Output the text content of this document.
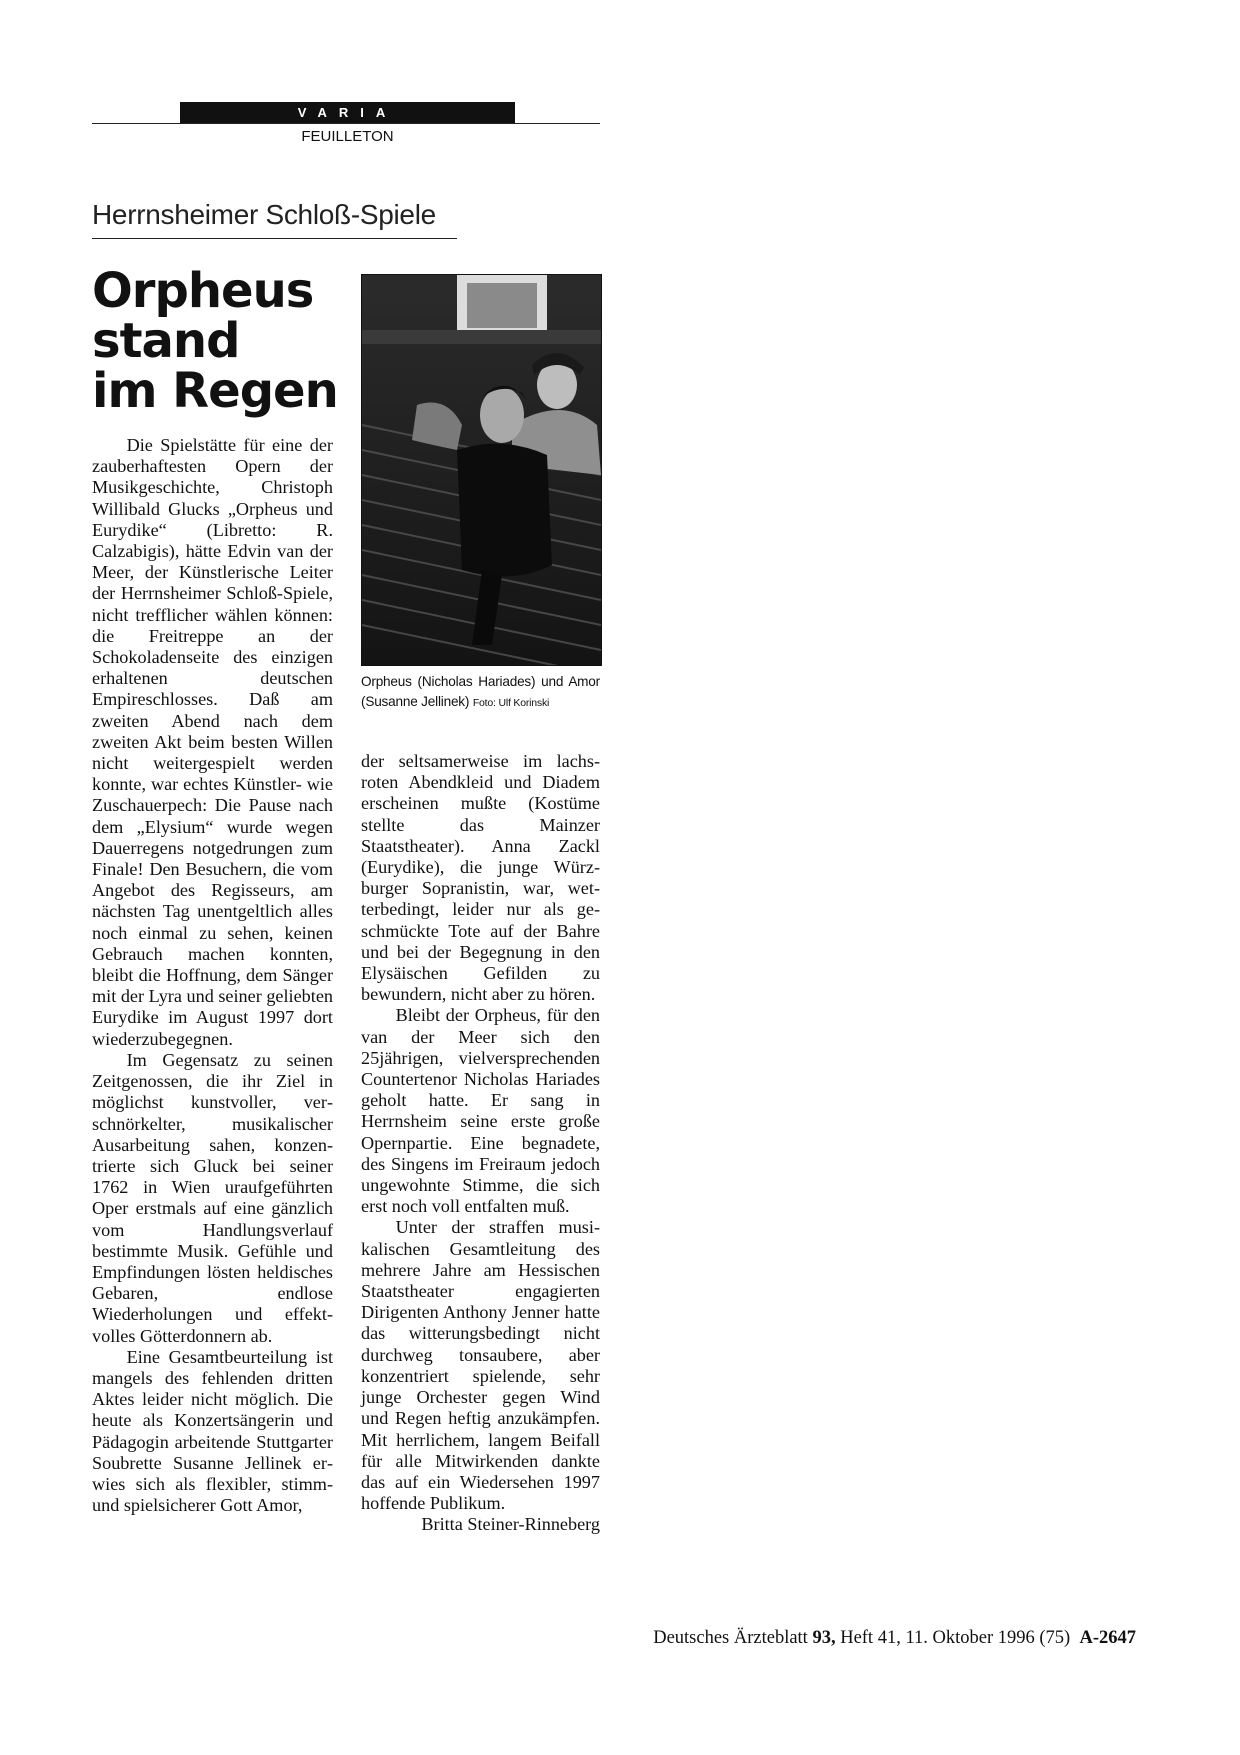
VARIA
FEUILLETON
Herrnsheimer Schloß-Spiele
Orpheus
stand
im Regen

Die Spielstätte für eine der zauberhaftesten Opern der Musikgeschichte, Christoph Willibald Glucks „Orpheus und Eurydike“ (Libretto: R. Calzabigis), hätte Edvin van der Meer, der Künstlerische Leiter der Herrnsheimer Schloß-Spiele, nicht trefflicher wählen können: die Freitreppe an der Schokoladenseite des einzigen erhaltenen deutschen Empireschlosses. Daß am zweiten Abend nach dem zweiten Akt beim besten Willen nicht weitergespielt werden konnte, war echtes Künstler- wie Zuschauerpech: Die Pause nach dem „Elysium“ wurde wegen Dauerregens notgedrungen zum Finale! Den Besuchern, die vom Angebot des Regisseurs, am nächsten Tag unentgeltlich alles noch einmal zu sehen, keinen Gebrauch machen konnten, bleibt die Hoffnung, dem Sänger mit der Lyra und seiner geliebten Eurydike im August 1997 dort wiederzubegegnen.

Im Gegensatz zu seinen Zeitgenossen, die ihr Ziel in möglichst kunstvoller, verschnörkelter, musikalischer Ausarbeitung sahen, konzentrierte sich Gluck bei seiner 1762 in Wien uraufgeführten Oper erstmals auf eine gänzlich vom Handlungsverlauf bestimmte Musik. Gefühle und Empfindungen lösten heldisches Gebaren, endlose Wiederholungen und effektvolles Götterdonnern ab.

Eine Gesamtbeurteilung ist mangels des fehlenden dritten Aktes leider nicht möglich. Die heute als Konzertsängerin und Pädagogin arbeitende Stuttgarter Soubrette Susanne Jellinek erwies sich als flexibler, stimm- und spielsicherer Gott Amor,

Orpheus (Nicholas Hariades) und Amor (Susanne Jellinek) Foto: Ulf Korinski

der seltsamerweise im lachsroten Abendkleid und Diadem erscheinen mußte (Kostüme stellte das Mainzer Staatstheater). Anna Zackl (Eurydike), die junge Würzburger Sopranistin, war, wetterbedingt, leider nur als geschmückte Tote auf der Bahre und bei der Begegnung in den Elysäischen Gefilden zu bewundern, nicht aber zu hören.

Bleibt der Orpheus, für den van der Meer sich den 25jährigen, vielversprechenden Countertenor Nicholas Hariades geholt hatte. Er sang in Herrnsheim seine erste große Opernpartie. Eine begnadete, des Singens im Freiraum jedoch ungewohnte Stimme, die sich erst noch voll entfalten muß.

Unter der straffen musikalischen Gesamtleitung des mehrere Jahre am Hessischen Staatstheater engagierten Dirigenten Anthony Jenner hatte das witterungsbedingt nicht durchweg tonsaubere, aber konzentriert spielende, sehr junge Orchester gegen Wind und Regen heftig anzukämpfen. Mit herrlichem, langem Beifall für alle Mitwirkenden dankte das auf ein Wiedersehen 1997 hoffende Publikum.

Britta Steiner-Rinneberg

Deutsches Ärzteblatt 93, Heft 41, 11. Oktober 1996 (75) A-2647
